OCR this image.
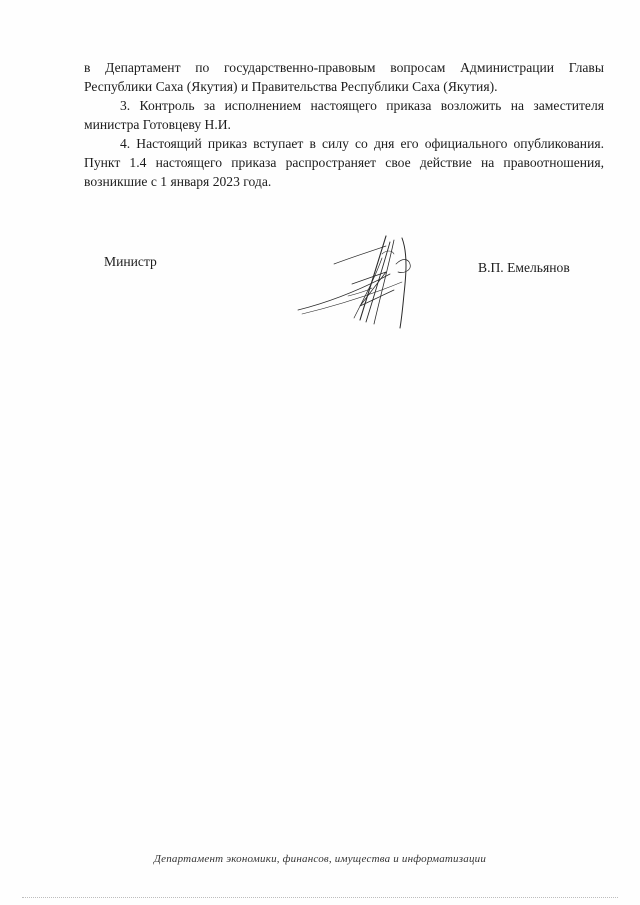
в Департамент по государственно-правовым вопросам Администрации Главы Республики Саха (Якутия) и Правительства Республики Саха (Якутия).

3. Контроль за исполнением настоящего приказа возложить на заместителя министра Готовцеву Н.И.

4. Настоящий приказ вступает в силу со дня его официального опубликования. Пункт 1.4 настоящего приказа распространяет свое действие на правоотношения, возникшие с 1 января 2023 года.

Министр	В.П. Емельянов
Департамент экономики, финансов, имущества и информатизации
